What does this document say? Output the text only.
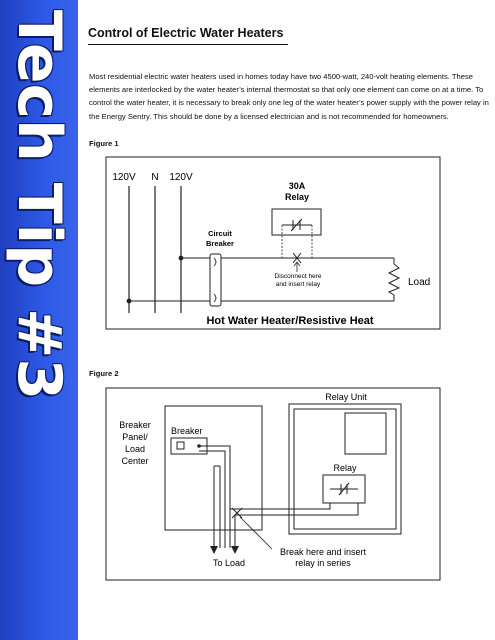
Tech Tip #3 Control of Electric Water Heaters
Most residential electric water heaters used in homes today have two 4500-watt, 240-volt heating elements. These elements are interlocked by the water heater’s internal thermostat so that only one element can come on at a time. To control the water heater, it is necessary to break only one leg of the water heater’s power supply with the power relay in the Energy Sentry. This should be done by a licensed electrician and is not recommended for homeowners.
Figure 1
120V N 120V
Circuit
Breaker
30A
Relay
Disconnect here
and insert relay	Load
Hot Water Heater/Resistive Heat
Figure 2
Breaker
Panel/
Load
Center
Breaker
To Load
Relay Unit
Relay
Break here and insert
relay in series
